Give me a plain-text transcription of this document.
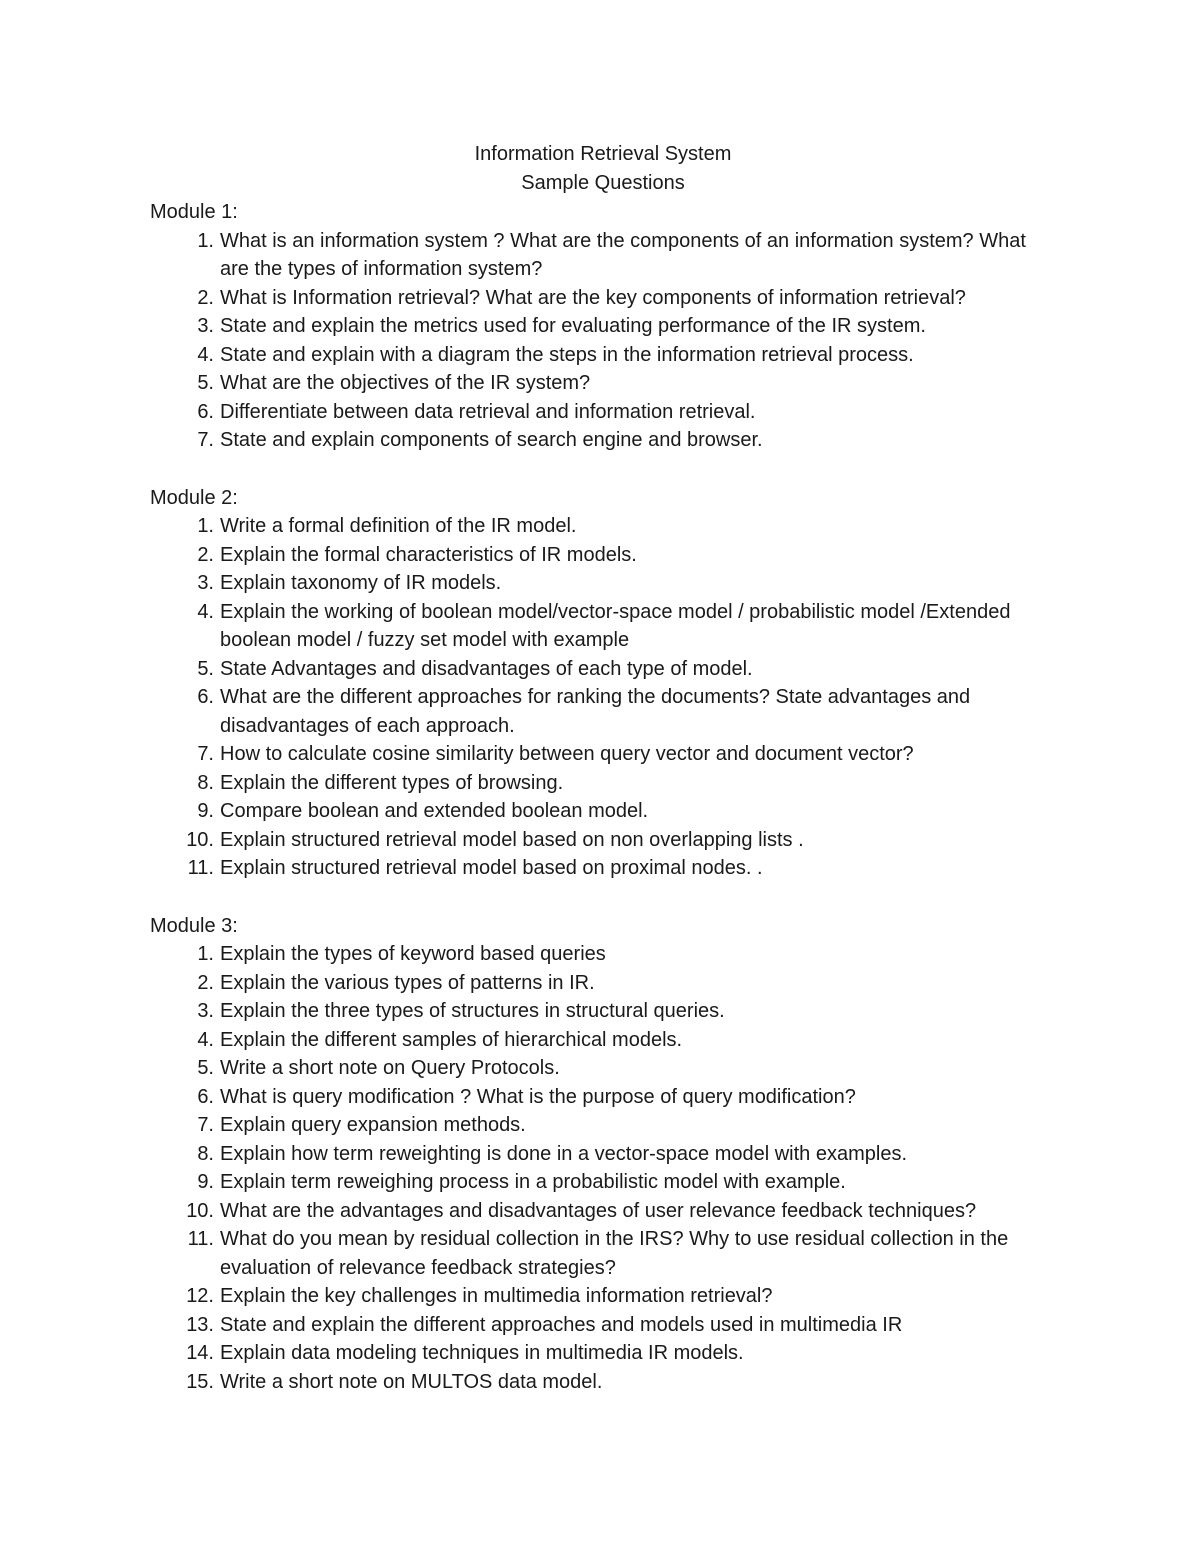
Information Retrieval System
Sample Questions
Module 1:
1. What is an information system ? What are the components of an information system? What are the types of information system?
2. What is Information retrieval? What are the key components of information retrieval?
3. State and explain the metrics used for evaluating performance of the IR system.
4. State and explain with a diagram the steps in the information retrieval process.
5. What are the objectives of the IR system?
6. Differentiate between data retrieval and information retrieval.
7. State and explain components of search engine and browser.
Module 2:
1. Write a formal definition of the IR model.
2. Explain the formal characteristics of IR models.
3. Explain taxonomy of IR models.
4. Explain the working of boolean model/vector-space model / probabilistic model /Extended boolean model / fuzzy set model with example
5. State Advantages and disadvantages of each type of model.
6. What are the different approaches for ranking the documents? State advantages and disadvantages of each approach.
7. How to calculate cosine similarity between query vector and document vector?
8. Explain the different types of browsing.
9. Compare boolean and extended boolean model.
10. Explain structured retrieval model based on non overlapping lists .
11. Explain structured retrieval model based on proximal nodes. .
Module 3:
1. Explain the types of keyword based queries
2. Explain the various types of patterns in IR.
3. Explain the three types of structures in structural queries.
4. Explain the different samples of hierarchical models.
5. Write a short note on Query Protocols.
6. What is query modification ? What is the purpose of query modification?
7. Explain query expansion methods.
8. Explain how term reweighting is done in a vector-space model with examples.
9. Explain term reweighing process in a probabilistic model with example.
10. What are the advantages and disadvantages of user relevance feedback techniques?
11. What do you mean by residual collection in the IRS? Why to use residual collection in the evaluation of relevance feedback strategies?
12. Explain the key challenges in multimedia information retrieval?
13. State and explain the different approaches and models used in multimedia IR
14. Explain data modeling techniques in multimedia IR models.
15. Write a short note on MULTOS data model.
